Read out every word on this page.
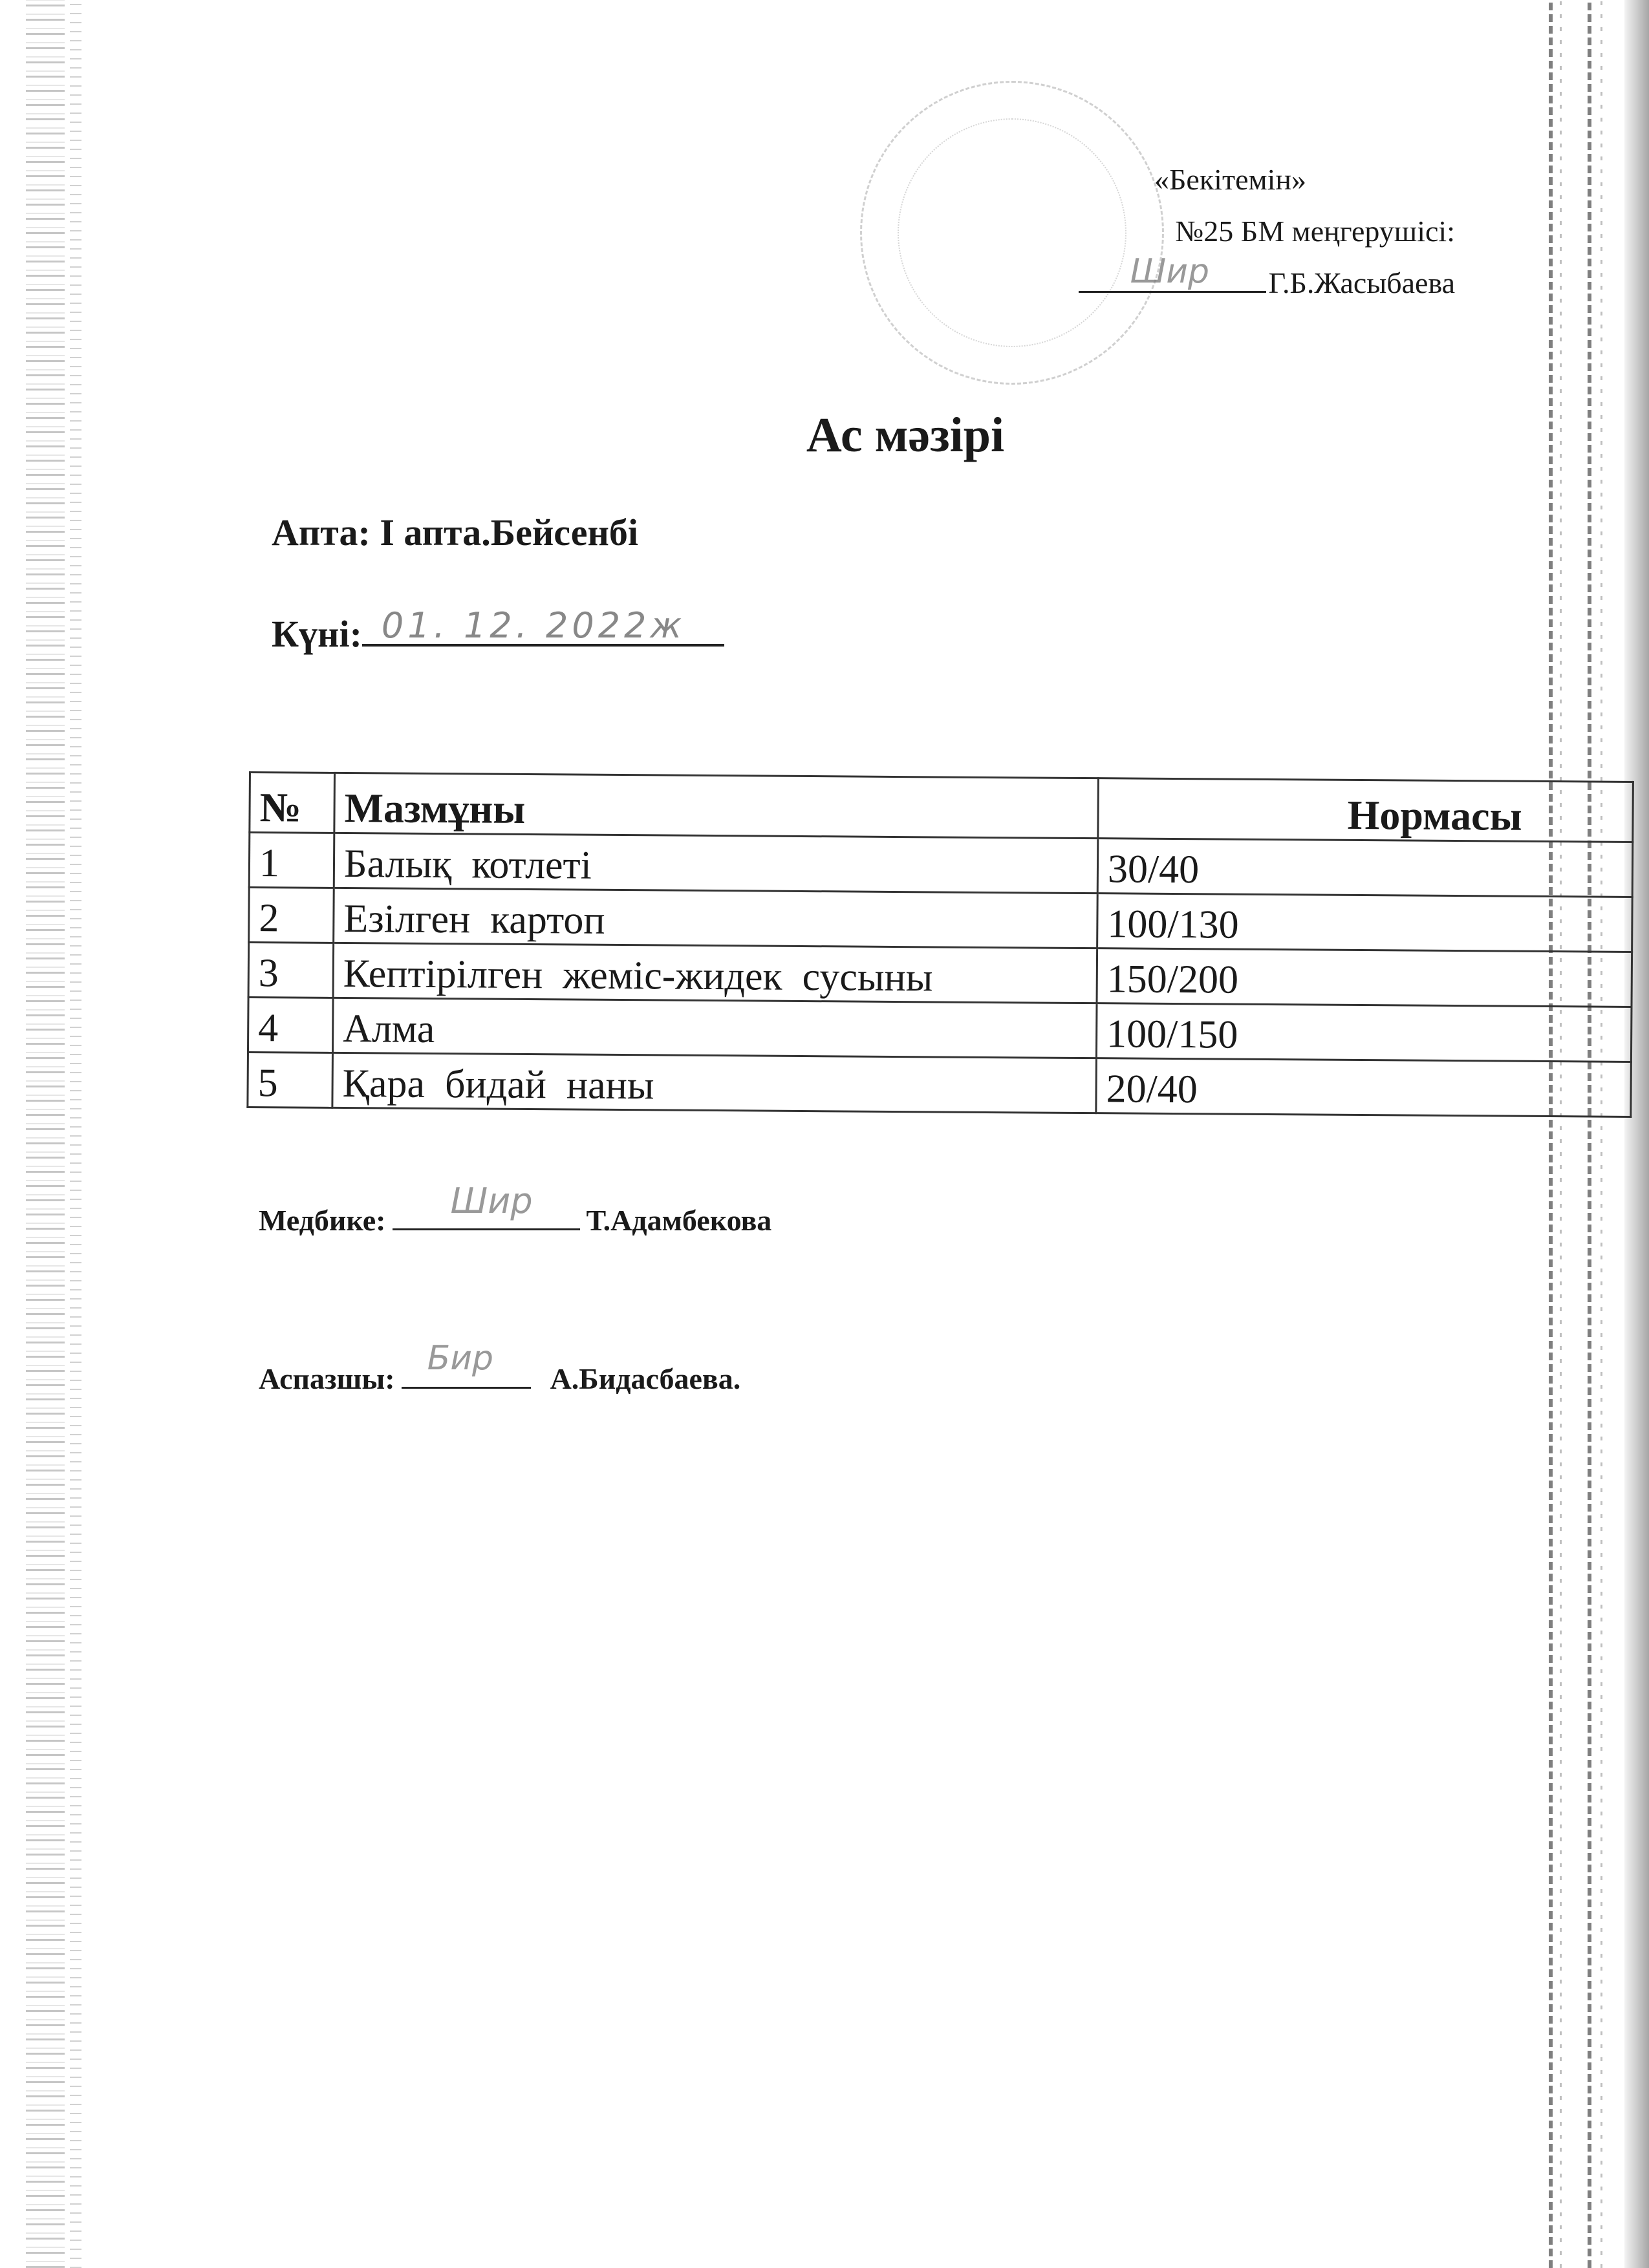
«Бекітемін»
№25 БМ меңгерушісі:
Шир Г.Б.Жасыбаева
Ас мәзірі
Апта: I апта.Бейсенбі
Күні: 01. 12. 2022ж
№	Мазмұны	Нормасы
1	Балық  котлеті	30/40
2	Езілген  картоп	100/130
3	Кептірілген  жеміс-жидек  сусыны	150/200
4	Алма	100/150
5	Қара  бидай  наны	20/40
Медбике: Шир Т.Адамбекова
Аспазшы:
Бир
А.Бидасбаева.
